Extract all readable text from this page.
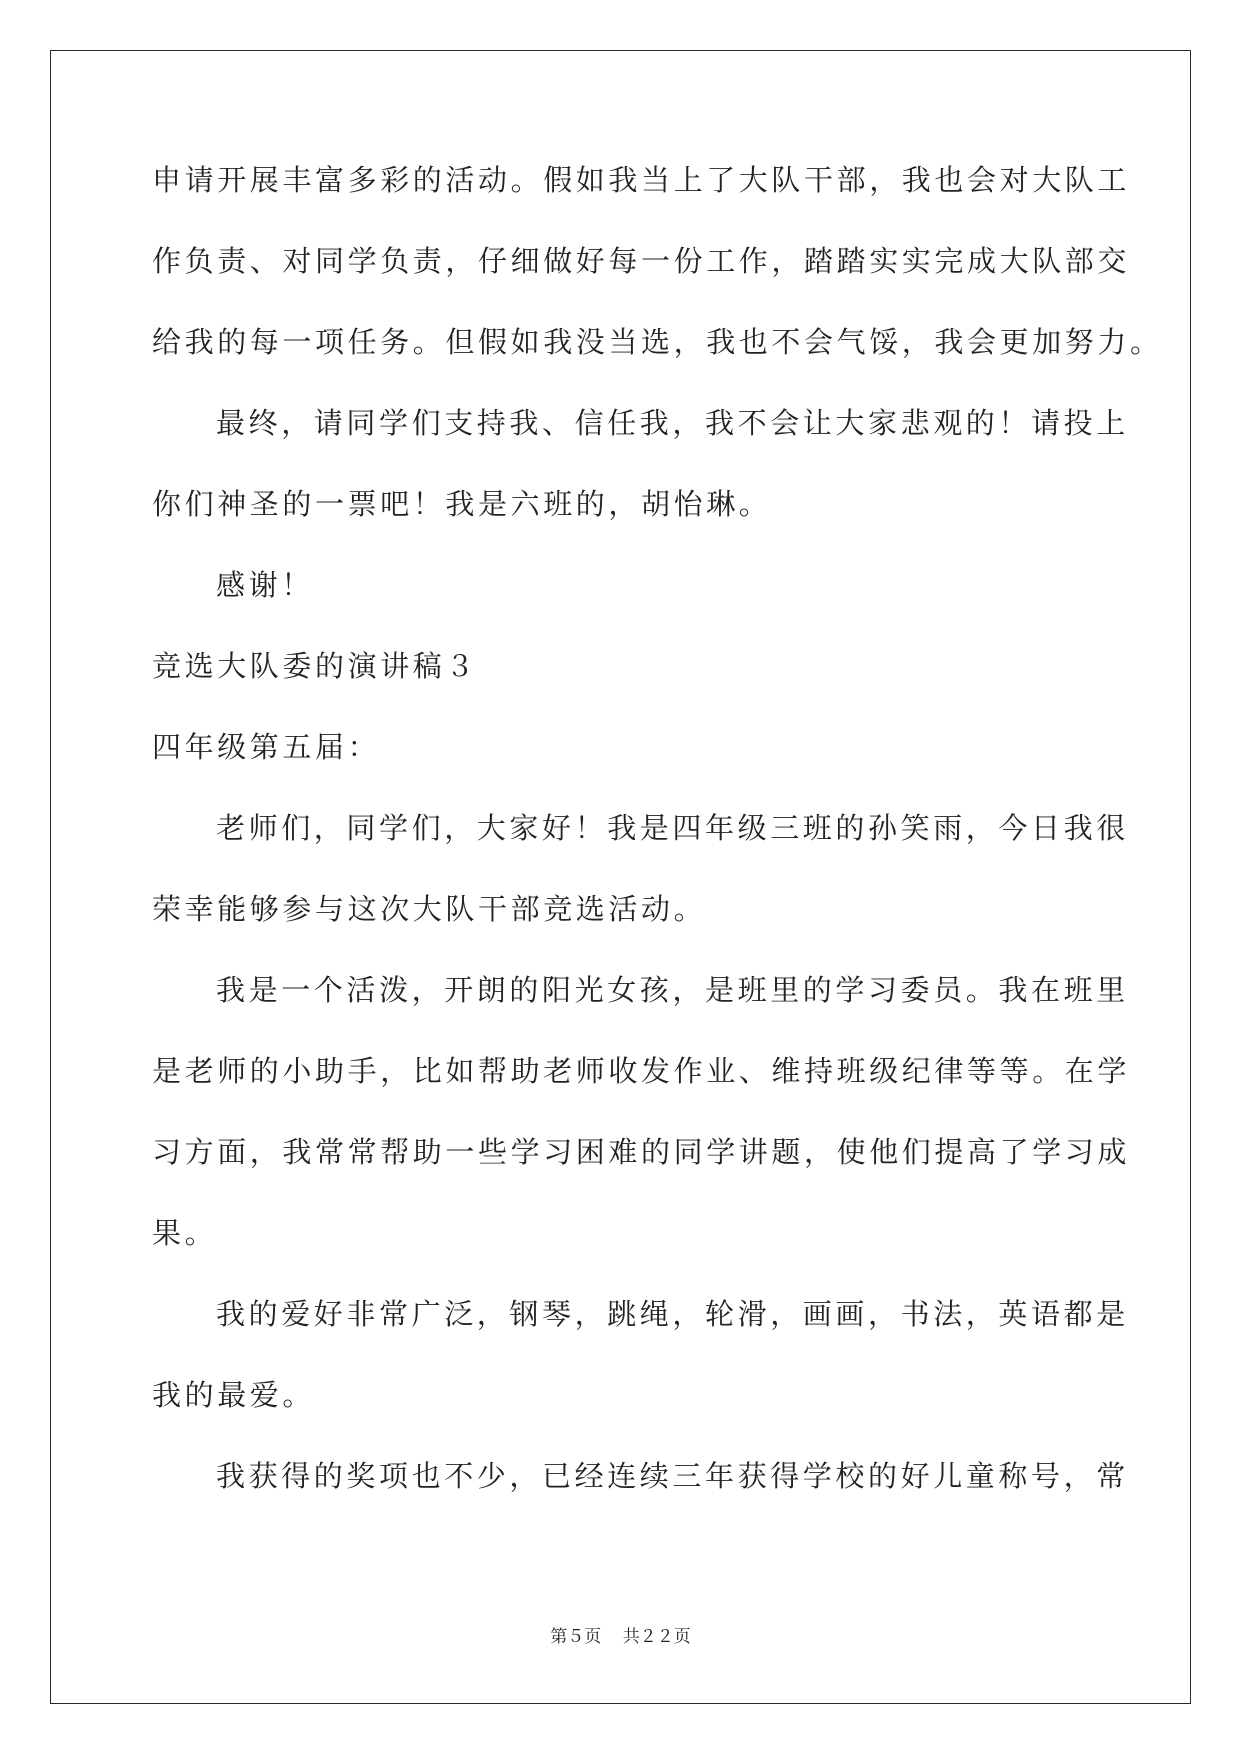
申请开展丰富多彩的活动。假如我当上了大队干部，我也会对大队工
作负责、对同学负责，仔细做好每一份工作，踏踏实实完成大队部交
给我的每一项任务。但假如我没当选，我也不会气馁，我会更加努力。
最终，请同学们支持我、信任我，我不会让大家悲观的！请投上
你们神圣的一票吧！我是六班的，胡怡琳。
感谢！
竞选大队委的演讲稿３
四年级第五届：
老师们，同学们，大家好！我是四年级三班的孙笑雨，今日我很
荣幸能够参与这次大队干部竞选活动。
我是一个活泼，开朗的阳光女孩，是班里的学习委员。我在班里
是老师的小助手，比如帮助老师收发作业、维持班级纪律等等。在学
习方面，我常常帮助一些学习困难的同学讲题，使他们提高了学习成
果。
我的爱好非常广泛，钢琴，跳绳，轮滑，画画，书法，英语都是
我的最爱。
我获得的奖项也不少，已经连续三年获得学校的好儿童称号，常
第５页 共２２页
